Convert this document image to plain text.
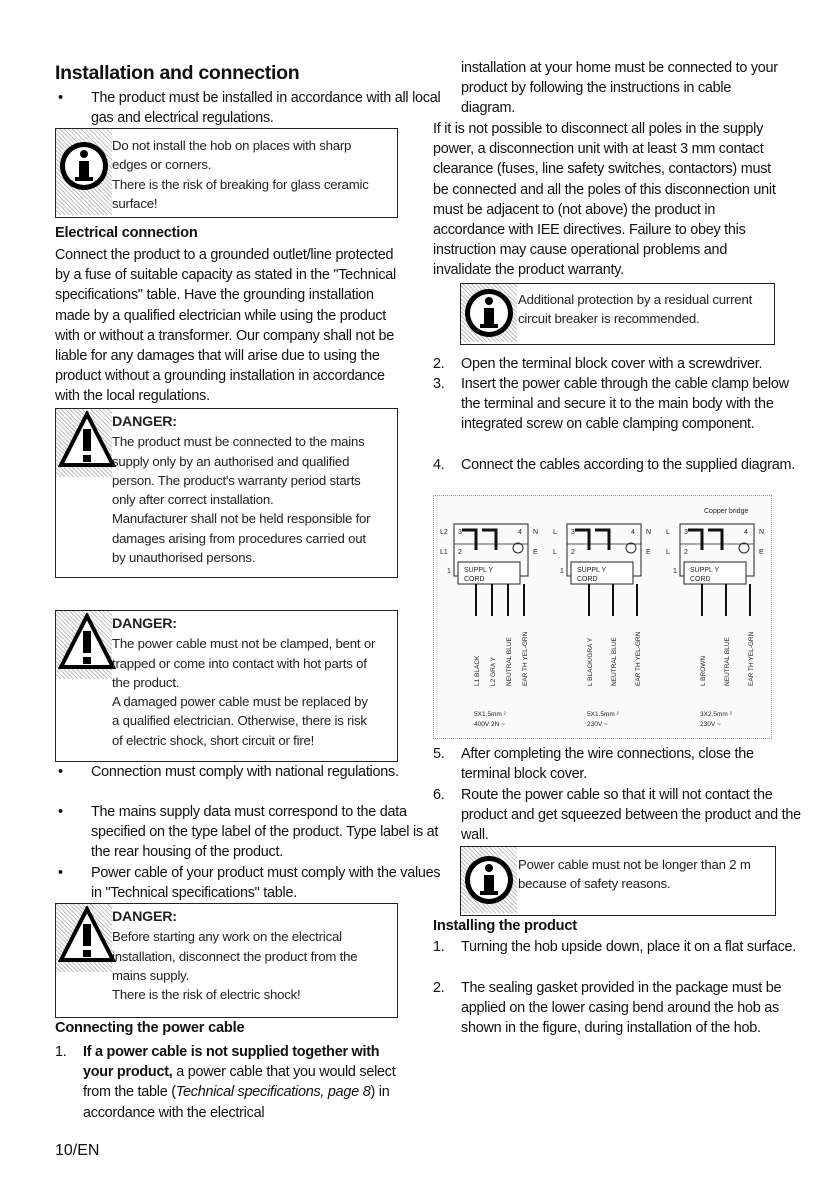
Installation and connection
• The product must be installed in accordance with all local gas and electrical regulations.
Do not install the hob on places with sharp
edges or corners.
There is the risk of breaking for glass ceramic
surface!
Electrical connection
Connect the product to a grounded outlet/line protected by a fuse of suitable capacity as stated in the "Technical specifications" table. Have the grounding installation made by a qualified electrician while using the product with or without a transformer. Our company shall not be liable for any damages that will arise due to using the product without a grounding installation in accordance with the local regulations.
DANGER:
The product must be connected to the mains
supply only by an authorised and qualified
person. The product's warranty period starts
only after correct installation.
Manufacturer shall not be held responsible for
damages arising from procedures carried out
by unauthorised persons.
DANGER:
The power cable must not be clamped, bent or
trapped or come into contact with hot parts of
the product.
A damaged power cable must be replaced by
a qualified electrician. Otherwise, there is risk
of electric shock, short circuit or fire!
• Connection must comply with national regulations.
• The mains supply data must correspond to the data specified on the type label of the product. Type label is at the rear housing of the product.
• Power cable of your product must comply with the values in "Technical specifications" table.
DANGER:
Before starting any work on the electrical
installation, disconnect the product from the
mains supply.
There is the risk of electric shock!
Connecting the power cable
1. If a power cable is not supplied together with your product, a power cable that you would select from the table (Technical specifications, page 8) in accordance with the electrical
10/EN
installation at your home must be connected to your product by following the instructions in cable diagram.
If it is not possible to disconnect all poles in the supply power, a disconnection unit with at least 3 mm contact clearance (fuses, line safety switches, contactors) must be connected and all the poles of this disconnection unit must be adjacent to (not above) the product in accordance with IEE directives. Failure to obey this instruction may cause operational problems and invalidate the product warranty.
Additional protection by a residual current
circuit breaker is recommended.
2. Open the terminal block cover with a screwdriver.
3. Insert the power cable through the cable clamp below the terminal and secure it to the main body with the integrated screw on cable clamping component.
4. Connect the cables according to the supplied diagram.
Copper bridge
L2 3	4 N
L1 2	E
1 SUPPL Y
CORD
L1 BLACK L2 GRA Y NEUTRAL BLUE EAR TH YEL-GRN
5X1.5mm ²
400V 2N ~
L 3	4 N
L 2	E
1 SUPPL Y
CORD
L BLACK/GRA Y	NEUTRAL BLUE	EAR TH YEL-GRN
5X1.5mm ²
230V ~
L 3	4 N
L 2	E
1 SUPPL Y
CORD
L BROWN	NEUTRAL BLUE	EAR TH YEL-GRN
3X2.5mm ²
230V ~
5. After completing the wire connections, close the terminal block cover.
6. Route the power cable so that it will not contact the product and get squeezed between the product and the wall.
Power cable must not be longer than 2 m
because of safety reasons.
Installing the product
1. Turning the hob upside down, place it on a flat surface.
2. The sealing gasket provided in the package must be applied on the lower casing bend around the hob as shown in the figure, during installation of the hob.
